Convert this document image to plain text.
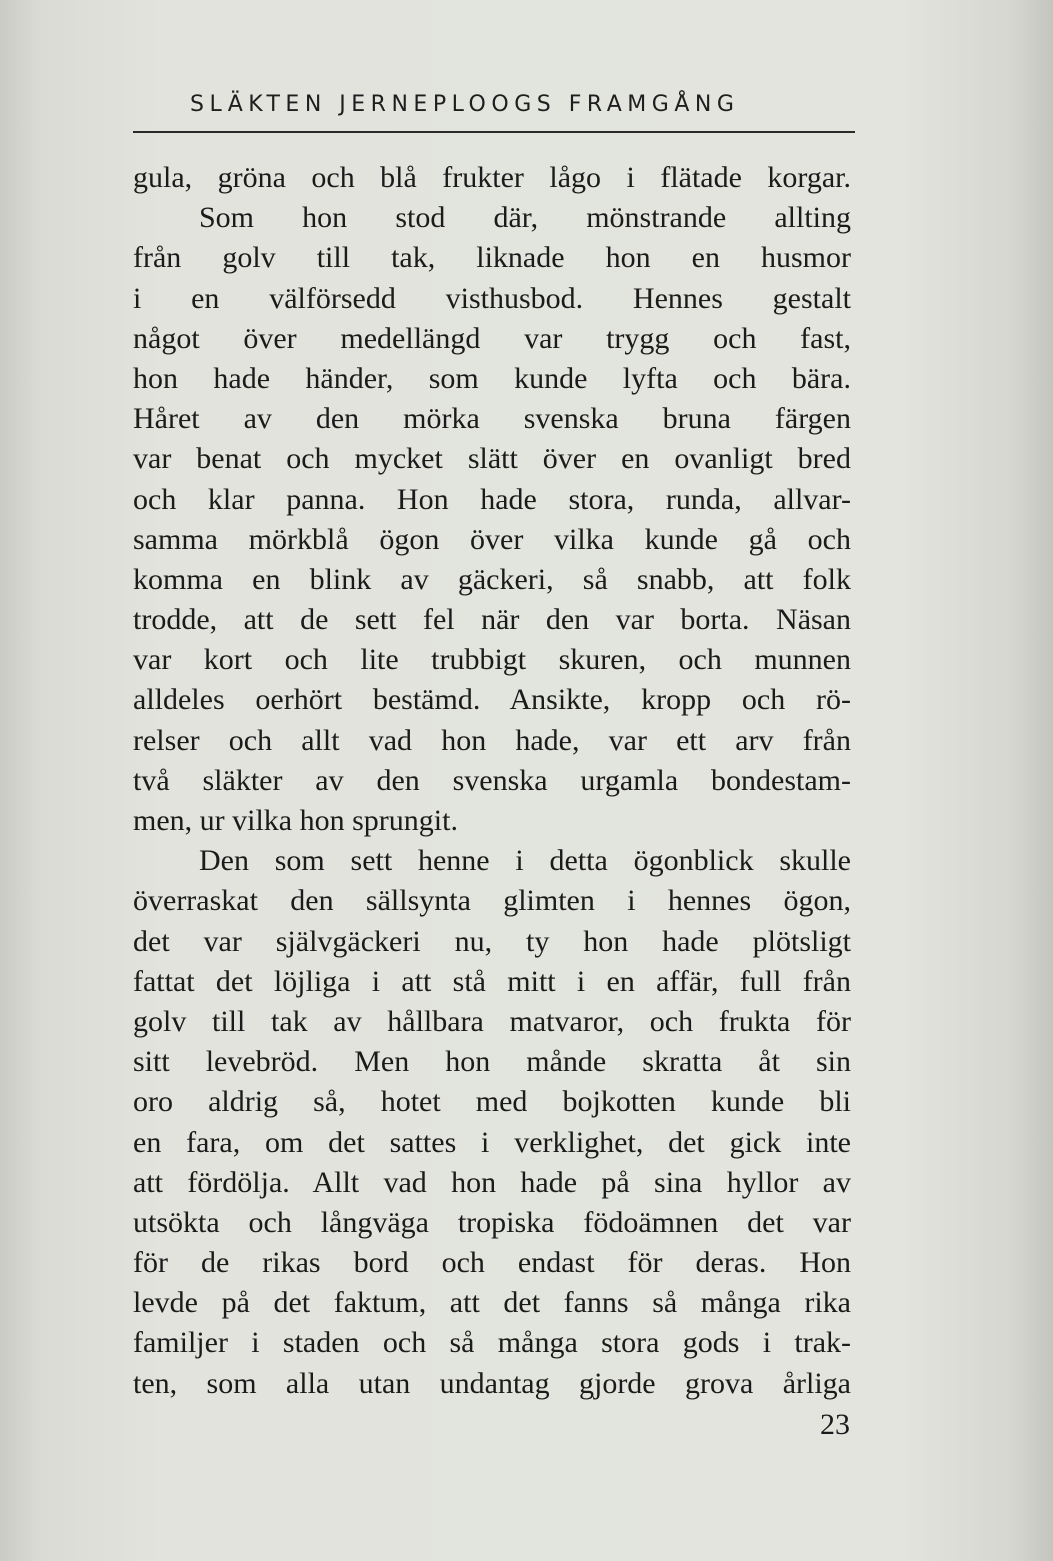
SLÄKTEN JERNEPLOOGS FRAMGÅNG
gula, gröna och blå frukter lågo i flätade korgar.
Som hon stod där, mönstrande allting
från golv till tak, liknade hon en husmor
i en välförsedd visthusbod. Hennes gestalt
något över medellängd var trygg och fast,
hon hade händer, som kunde lyfta och bära.
Håret av den mörka svenska bruna färgen
var benat och mycket slätt över en ovanligt bred
och klar panna. Hon hade stora, runda, allvar-
samma mörkblå ögon över vilka kunde gå och
komma en blink av gäckeri, så snabb, att folk
trodde, att de sett fel när den var borta. Näsan
var kort och lite trubbigt skuren, och munnen
alldeles oerhört bestämd. Ansikte, kropp och rö-
relser och allt vad hon hade, var ett arv från
två släkter av den svenska urgamla bondestam-
men, ur vilka hon sprungit.
Den som sett henne i detta ögonblick skulle
överraskat den sällsynta glimten i hennes ögon,
det var självgäckeri nu, ty hon hade plötsligt
fattat det löjliga i att stå mitt i en affär, full från
golv till tak av hållbara matvaror, och frukta för
sitt levebröd. Men hon månde skratta åt sin
oro aldrig så, hotet med bojkotten kunde bli
en fara, om det sattes i verklighet, det gick inte
att fördölja. Allt vad hon hade på sina hyllor av
utsökta och långväga tropiska födoämnen det var
för de rikas bord och endast för deras. Hon
levde på det faktum, att det fanns så många rika
familjer i staden och så många stora gods i trak-
ten, som alla utan undantag gjorde grova årliga
23
